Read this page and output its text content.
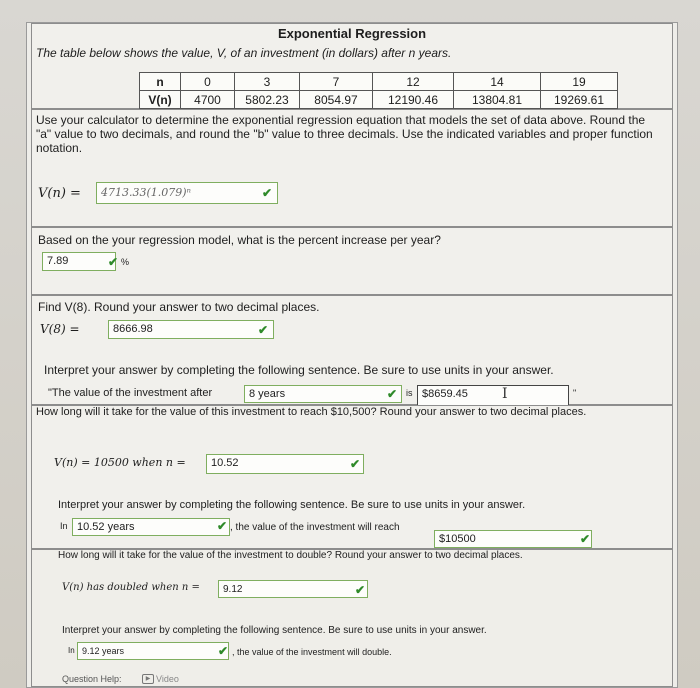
Exponential Regression
The table below shows the value, V, of an investment (in dollars) after n years.
n	0	3	7	12	14	19
V(n)	4700	5802.23	8054.97	12190.46	13804.81	19269.61
Use your calculator to determine the exponential regression equation that models the set of data above. Round the "a" value to two decimals, and round the "b" value to three decimals. Use the indicated variables and proper function notation.
V(n) =	4713.33(1.079)ⁿ	✔
Based on the your regression model, what is the percent increase per year?
7.89	✔ %
Find V(8). Round your answer to two decimal places.
V(8) =	8666.98	✔
Interpret your answer by completing the following sentence. Be sure to use units in your answer.
"The value of the investment after	8 years	✔ is $8659.45	I	"
How long will it take for the value of this investment to reach $10,500? Round your answer to two decimal places.
V(n) = 10500 when n =	10.52	✔
Interpret your answer by completing the following sentence. Be sure to use units in your answer.
In 10.52 years	✔ , the value of the investment will reach
$10500	✔
How long will it take for the value of the investment to double? Round your answer to two decimal places.
V(n) has doubled when n =	9.12	✔
Interpret your answer by completing the following sentence. Be sure to use units in your answer.
In 9.12 years	✔ , the value of the investment will double.
Question Help:	▶ Video
